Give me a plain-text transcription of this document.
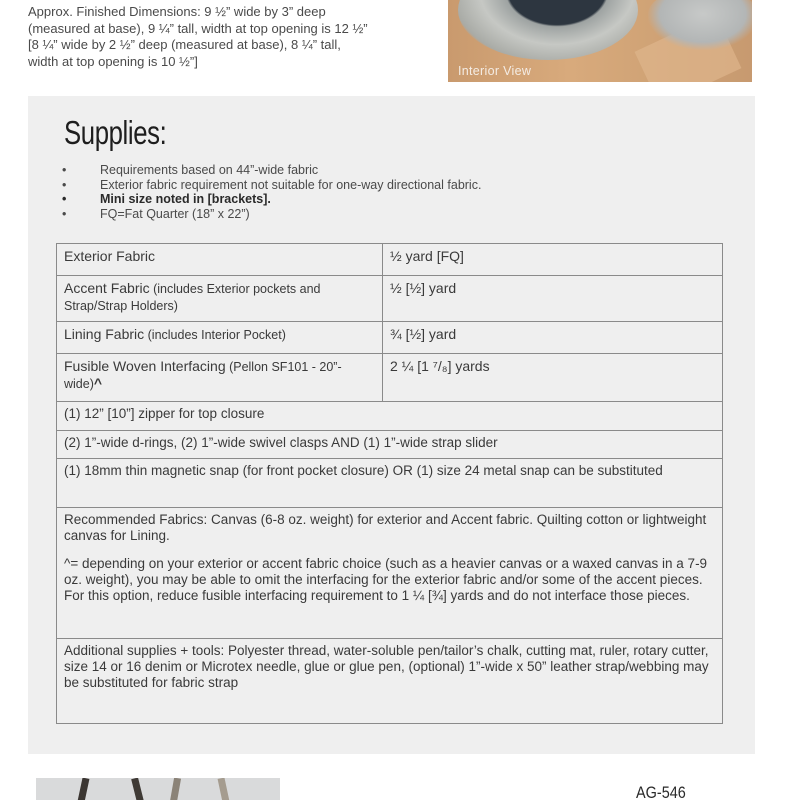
Approx. Finished Dimensions: 9 ½” wide by 3” deep
(measured at base), 9 ¼” tall, width at top opening is 12 ½”
[8 ¼” wide by 2 ½” deep (measured at base), 8 ¼” tall,
width at top opening is 10 ½”]
Interior View
Supplies:
•	Requirements based on 44”-wide fabric
•	Exterior fabric requirement not suitable for one-way directional fabric.
•	Mini size noted in [brackets].
•	FQ=Fat Quarter (18” x 22”)
Exterior Fabric	½ yard [FQ]
Accent Fabric (includes Exterior pockets and Strap/Strap Holders)	½ [½] yard
Lining Fabric (includes Interior Pocket)	¾ [½] yard
Fusible Woven Interfacing (Pellon SF101 - 20”-wide)^	2 ¼ [1 ⁷/₈] yards
(1) 12” [10”] zipper for top closure	
(2) 1”-wide d-rings, (2) 1”-wide swivel clasps AND (1) 1”-wide strap slider	
(1) 18mm thin magnetic snap (for front pocket closure) OR (1) size 24 metal snap can be substituted	

Recommended Fabrics: Canvas (6-8 oz. weight) for exterior and Accent fabric. Quilting cotton or lightweight canvas for Lining.
^= depending on your exterior or accent fabric choice (such as a heavier canvas or a waxed canvas in a 7-9 oz. weight), you may be able to omit the interfacing for the exterior fabric and/or some of the accent pieces. For this option, reduce fusible interfacing requirement to 1 ¼ [¾] yards and do not interface those pieces.	

Additional supplies + tools: Polyester thread, water-soluble pen/tailor’s chalk, cutting mat, ruler, rotary cutter, size 14 or 16 denim or Microtex needle, glue or glue pen, (optional) 1”-wide x 50” leather strap/webbing may be substituted for fabric strap	
AG-546
